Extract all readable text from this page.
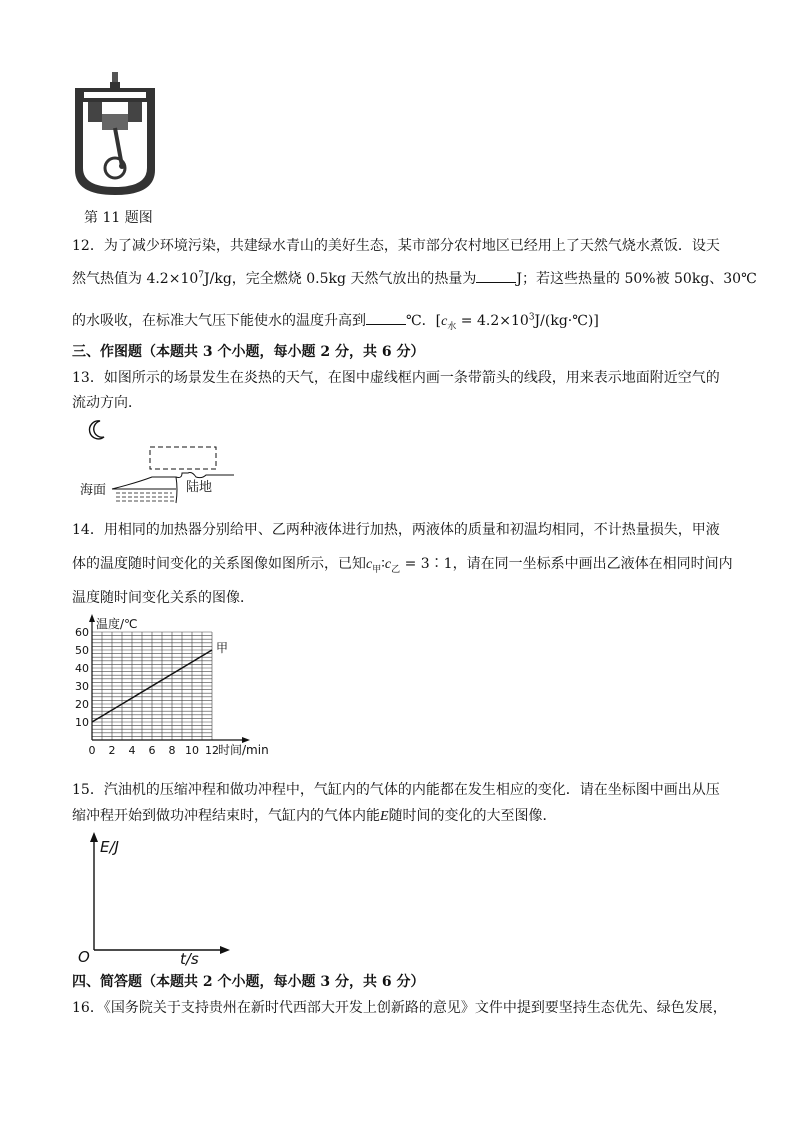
第 11 题图
12．为了减少环境污染，共建绿水青山的美好生态，某市部分农村地区已经用上了天然气烧水煮饭．设天
然气热值为 $4.2\times 10^7J/kg$，完全燃烧 0.5kg 天然气放出的热量为	J；若这些热量的 50%被 50kg、30℃
的水吸收，在标准大气压下能使水的温度升高到	℃．[$c_水$ = $4.2\times 10^3J/(kg\cdot℃)$]
三、作图题（本题共 3 个小题，每小题 2 分，共 6 分）
13．如图所示的场景发生在炎热的天气，在图中虚线框内画一条带箭头的线段，用来表示地面附近空气的
流动方向．
海面	陆地
14．用相同的加热器分别给甲、乙两种液体进行加热，两液体的质量和初温均相同，不计热量损失，甲液
体的温度随时间变化的关系图像如图所示，已知$c_甲∶c_乙$ = 3∶1，请在同一坐标系中画出乙液体在相同时间内
温度随时间变化关系的图像．
0 2 4 6 8 10 12
10
20
30
40
50
60
温度/℃
时间/min
甲
15．汽油机的压缩冲程和做功冲程中，气缸内的气体的内能都在发生相应的变化．请在坐标图中画出从压
缩冲程开始到做功冲程结束时，气缸内的气体内能E随时间的变化的大至图像．
E/J
t/s
O
四、简答题（本题共 2 个小题，每小题 3 分，共 6 分）
16．《国务院关于支持贵州在新时代西部大开发上创新路的意见》文件中提到要坚持生态优先、绿色发展，
